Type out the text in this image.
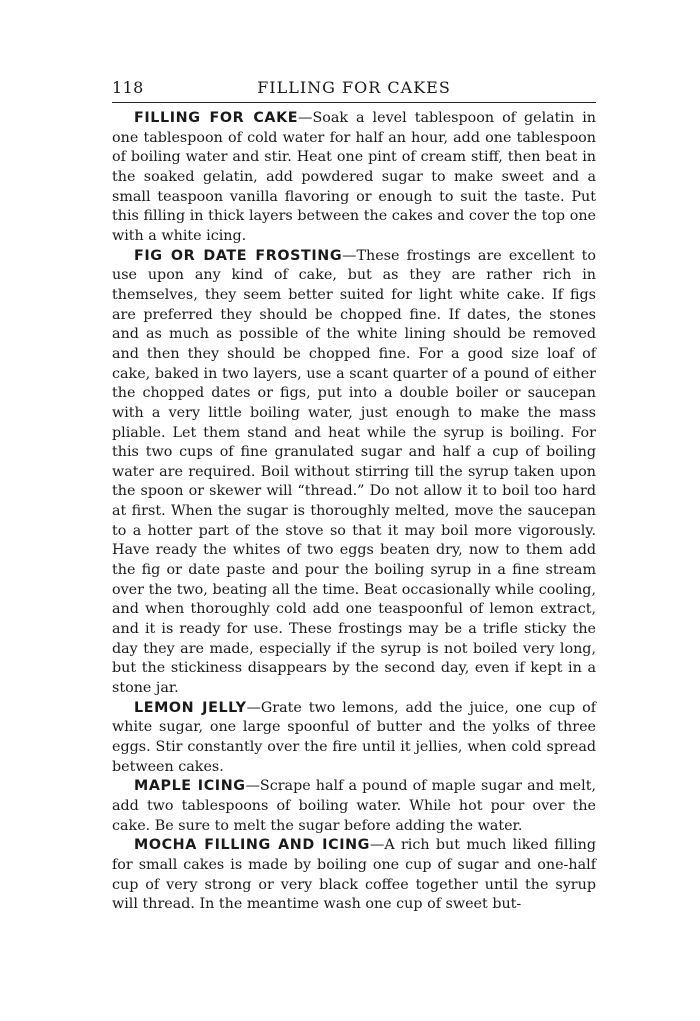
118	FILLING FOR CAKES

FILLING FOR CAKE—Soak a level tablespoon of gelatin in one tablespoon of cold water for half an hour, add one tablespoon of boiling water and stir. Heat one pint of cream stiff, then beat in the soaked gelatin, add powdered sugar to make sweet and a small teaspoon vanilla flavoring or enough to suit the taste. Put this filling in thick layers between the cakes and cover the top one with a white icing.

FIG OR DATE FROSTING—These frostings are excellent to use upon any kind of cake, but as they are rather rich in themselves, they seem better suited for light white cake. If figs are preferred they should be chopped fine. If dates, the stones and as much as possible of the white lining should be removed and then they should be chopped fine. For a good size loaf of cake, baked in two layers, use a scant quarter of a pound of either the chopped dates or figs, put into a double boiler or saucepan with a very little boiling water, just enough to make the mass pliable. Let them stand and heat while the syrup is boiling. For this two cups of fine granulated sugar and half a cup of boiling water are required. Boil without stirring till the syrup taken upon the spoon or skewer will “thread.” Do not allow it to boil too hard at first. When the sugar is thoroughly melted, move the saucepan to a hotter part of the stove so that it may boil more vigorously. Have ready the whites of two eggs beaten dry, now to them add the fig or date paste and pour the boiling syrup in a fine stream over the two, beating all the time. Beat occasionally while cooling, and when thoroughly cold add one teaspoonful of lemon extract, and it is ready for use. These frostings may be a trifle sticky the day they are made, especially if the syrup is not boiled very long, but the stickiness disappears by the second day, even if kept in a stone jar.

LEMON JELLY—Grate two lemons, add the juice, one cup of white sugar, one large spoonful of butter and the yolks of three eggs. Stir constantly over the fire until it jellies, when cold spread between cakes.

MAPLE ICING—Scrape half a pound of maple sugar and melt, add two tablespoons of boiling water. While hot pour over the cake. Be sure to melt the sugar before adding the water.

MOCHA FILLING AND ICING—A rich but much liked filling for small cakes is made by boiling one cup of sugar and one-half cup of very strong or very black coffee together until the syrup will thread. In the meantime wash one cup of sweet but-
